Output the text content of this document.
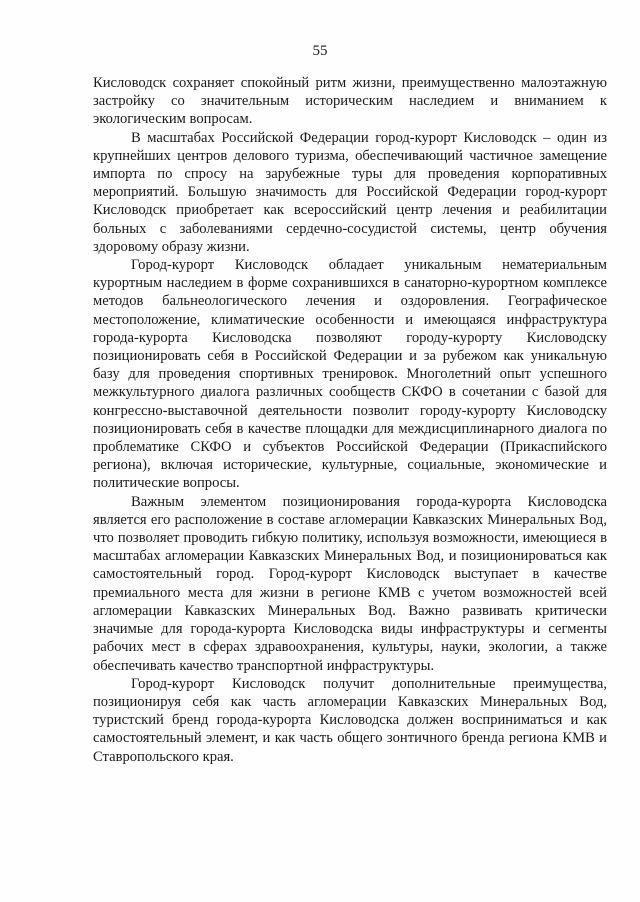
55

Кисловодск сохраняет спокойный ритм жизни, преимущественно малоэтажную застройку со значительным историческим наследием и вниманием к экологическим вопросам.

В масштабах Российской Федерации город-курорт Кисловодск – один из крупнейших центров делового туризма, обеспечивающий частичное замещение импорта по спросу на зарубежные туры для проведения корпоративных мероприятий. Большую значимость для Российской Федерации город-курорт Кисловодск приобретает как всероссийский центр лечения и реабилитации больных с заболеваниями сердечно-сосудистой системы, центр обучения здоровому образу жизни.

Город-курорт Кисловодск обладает уникальным нематериальным курортным наследием в форме сохранившихся в санаторно-курортном комплексе методов бальнеологического лечения и оздоровления. Географическое местоположение, климатические особенности и имеющаяся инфраструктура города-курорта Кисловодска позволяют городу-курорту Кисловодску позиционировать себя в Российской Федерации и за рубежом как уникальную базу для проведения спортивных тренировок. Многолетний опыт успешного межкультурного диалога различных сообществ СКФО в сочетании с базой для конгрессно-выставочной деятельности позволит городу-курорту Кисловодску позиционировать себя в качестве площадки для междисциплинарного диалога по проблематике СКФО и субъектов Российской Федерации (Прикаспийского региона), включая исторические, культурные, социальные, экономические и политические вопросы.

Важным элементом позиционирования города-курорта Кисловодска является его расположение в составе агломерации Кавказских Минеральных Вод, что позволяет проводить гибкую политику, используя возможности, имеющиеся в масштабах агломерации Кавказских Минеральных Вод, и позиционироваться как самостоятельный город. Город-курорт Кисловодск выступает в качестве премиального места для жизни в регионе КМВ с учетом возможностей всей агломерации Кавказских Минеральных Вод. Важно развивать критически значимые для города-курорта Кисловодска виды инфраструктуры и сегменты рабочих мест в сферах здравоохранения, культуры, науки, экологии, а также обеспечивать качество транспортной инфраструктуры.

Город-курорт Кисловодск получит дополнительные преимущества, позиционируя себя как часть агломерации Кавказских Минеральных Вод, туристский бренд города-курорта Кисловодска должен восприниматься и как самостоятельный элемент, и как часть общего зонтичного бренда региона КМВ и Ставропольского края.
